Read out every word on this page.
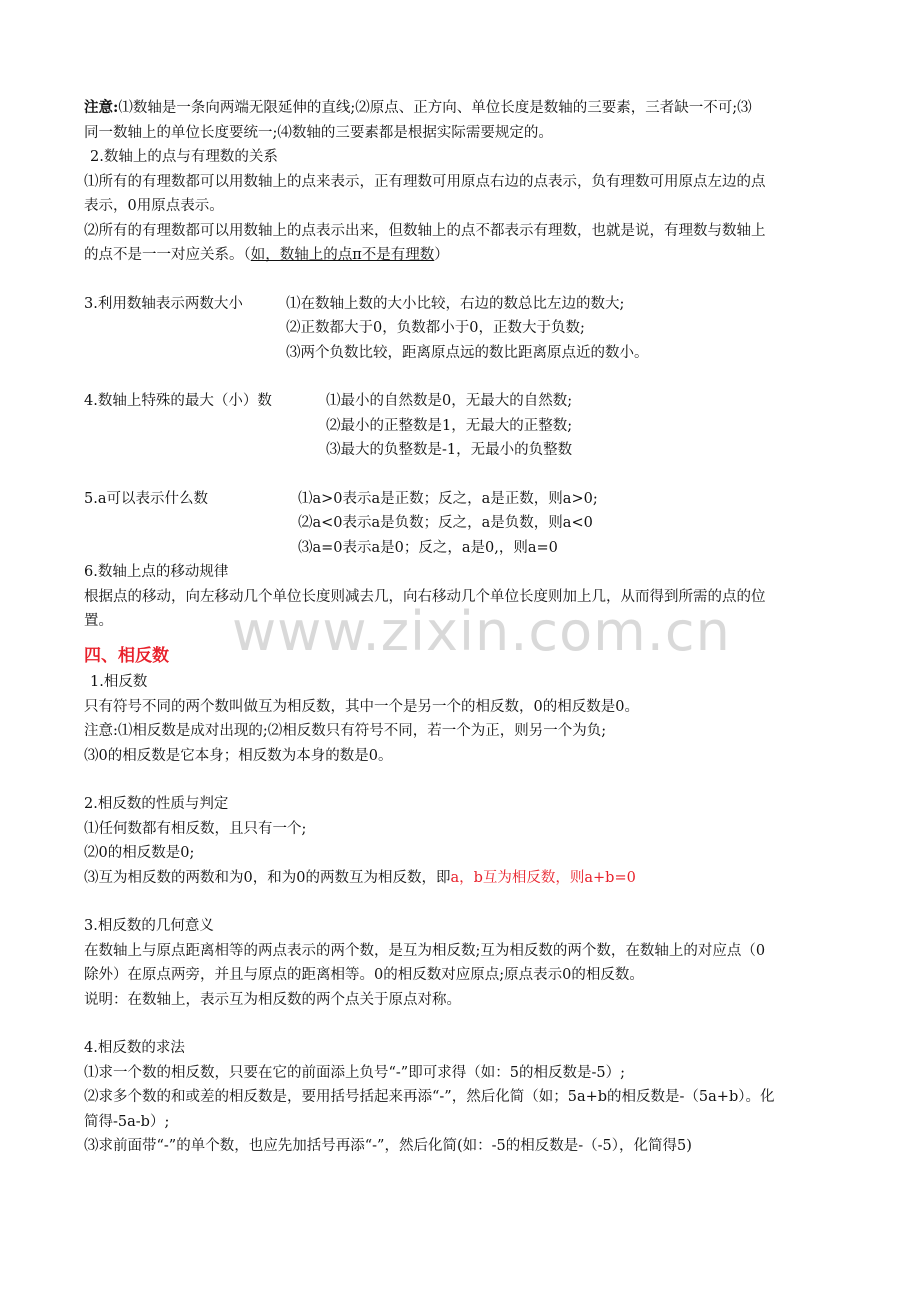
www.zixin.com.cn
注意:⑴数轴是一条向两端无限延伸的直线;⑵原点、正方向、单位长度是数轴的三要素，三者缺一不可;⑶
同一数轴上的单位长度要统一;⑷数轴的三要素都是根据实际需要规定的。
2.数轴上的点与有理数的关系
⑴所有的有理数都可以用数轴上的点来表示，正有理数可用原点右边的点表示，负有理数可用原点左边的点
表示，0用原点表示。
⑵所有的有理数都可以用数轴上的点表示出来，但数轴上的点不都表示有理数，也就是说，有理数与数轴上
的点不是一一对应关系。（如，数轴上的点π不是有理数）
3.利用数轴表示两数大小	⑴在数轴上数的大小比较，右边的数总比左边的数大;
⑵正数都大于0，负数都小于0，正数大于负数;
⑶两个负数比较，距离原点远的数比距离原点近的数小。
4.数轴上特殊的最大（小）数	⑴最小的自然数是0，无最大的自然数;
⑵最小的正整数是1，无最大的正整数;
⑶最大的负整数是-1，无最小的负整数
5.a可以表示什么数	⑴a>0表示a是正数；反之，a是正数，则a>0;
⑵a<0表示a是负数；反之，a是负数，则a<0
⑶a=0表示a是0；反之，a是0,，则a=0
6.数轴上点的移动规律
根据点的移动，向左移动几个单位长度则减去几，向右移动几个单位长度则加上几，从而得到所需的点的位
置。
四、相反数
1.相反数
只有符号不同的两个数叫做互为相反数，其中一个是另一个的相反数，0的相反数是0。
注意:⑴相反数是成对出现的;⑵相反数只有符号不同，若一个为正，则另一个为负;
⑶0的相反数是它本身；相反数为本身的数是0。
2.相反数的性质与判定
⑴任何数都有相反数，且只有一个;
⑵0的相反数是0;
⑶互为相反数的两数和为0，和为0的两数互为相反数，即a，b互为相反数，则a+b=0
3.相反数的几何意义
在数轴上与原点距离相等的两点表示的两个数，是互为相反数;互为相反数的两个数，在数轴上的对应点（0
除外）在原点两旁，并且与原点的距离相等。0的相反数对应原点;原点表示0的相反数。
说明：在数轴上，表示互为相反数的两个点关于原点对称。
4.相反数的求法
⑴求一个数的相反数，只要在它的前面添上负号“-”即可求得（如：5的相反数是-5）;
⑵求多个数的和或差的相反数是，要用括号括起来再添“-”，然后化简（如；5a+b的相反数是-（5a+b）。化
简得-5a-b）;
⑶求前面带“-”的单个数，也应先加括号再添“-”，然后化简(如：-5的相反数是-（-5），化简得5)
